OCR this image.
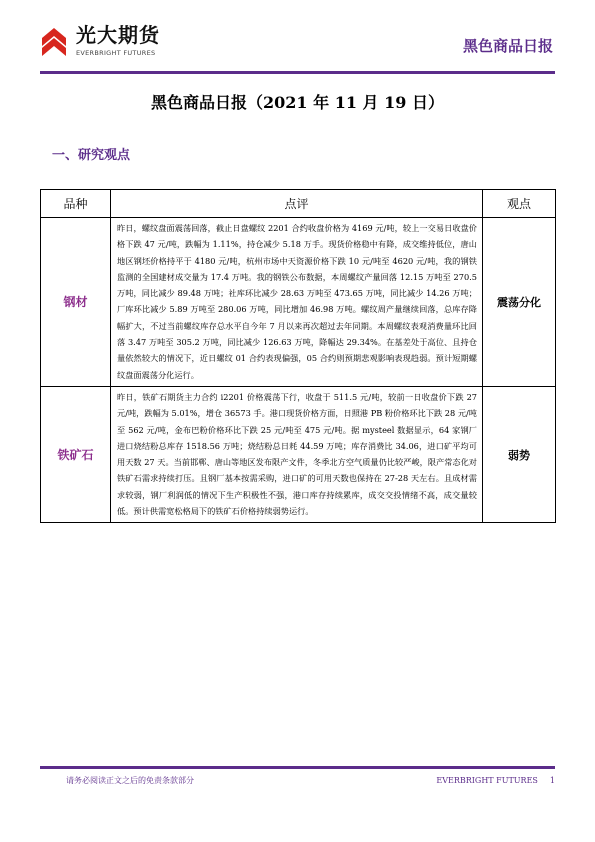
光大期货
EVERBRIGHT FUTURES	黑色商品日报
黑色商品日报（2021 年 11 月 19 日）
一、研究观点
品种	点评	观点
钢材	昨日，螺纹盘面震荡回落，截止日盘螺纹 2201 合约收盘价格为 4169 元/吨，较上一交易日收盘价格下跌 47 元/吨，跌幅为 1.11%，持仓减少 5.18 万手。现货价格稳中有降，成交维持低位，唐山地区钢坯价格持平于 4180 元/吨，杭州市场中天资源价格下跌 10 元/吨至 4620 元/吨，我的钢铁监测的全国建材成交量为 17.4 万吨。我的钢铁公布数据，本周螺纹产量回落 12.15 万吨至 270.5 万吨，同比减少 89.48 万吨；社库环比减少 28.63 万吨至 473.65 万吨，同比减少 14.26 万吨；厂库环比减少 5.89 万吨至 280.06 万吨，同比增加 46.98 万吨。螺纹周产量继续回落，总库存降幅扩大，不过当前螺纹库存总水平自今年 7 月以来再次超过去年同期。本周螺纹表观消费量环比回落 3.47 万吨至 305.2 万吨，同比减少 126.63 万吨，降幅达 29.34%。在基差处于高位、且持仓量依然较大的情况下，近日螺纹 01 合约表现偏强，05 合约则预期悲观影响表现趋弱。预计短期螺纹盘面震荡分化运行。	震荡分化
铁矿石	昨日，铁矿石期货主力合约 i2201 价格震荡下行，收盘于 511.5 元/吨，较前一日收盘价下跌 27 元/吨，跌幅为 5.01%，增仓 36573 手。港口现货价格方面，日照港 PB 粉价格环比下跌 28 元/吨至 562 元/吨，金布巴粉价格环比下跌 25 元/吨至 475 元/吨。据 mysteel 数据显示，64 家钢厂进口烧结粉总库存 1518.56 万吨；烧结粉总日耗 44.59 万吨；库存消费比 34.06，进口矿平均可用天数 27 天。当前邯郸、唐山等地区发布限产文件，冬季北方空气质量仍比较严峻，限产常态化对铁矿石需求持续打压。且钢厂基本按需采购，进口矿的可用天数也保持在 27-28 天左右。且成材需求较弱，钢厂利润低的情况下生产积极性不强，港口库存持续累库，成交交投情绪不高，成交量较低。预计供需宽松格局下的铁矿石价格持续弱势运行。	弱势
请务必阅读正文之后的免责条款部分	EVERBRIGHT FUTURES 1
